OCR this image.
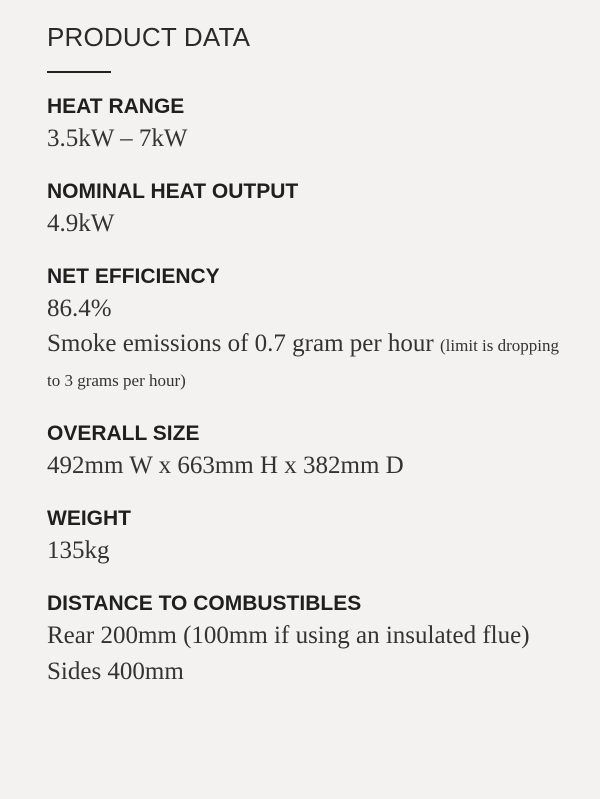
PRODUCT DATA
HEAT RANGE
3.5kW – 7kW
NOMINAL HEAT OUTPUT
4.9kW
NET EFFICIENCY
86.4%
Smoke emissions of 0.7 gram per hour (limit is dropping to 3 grams per hour)
OVERALL SIZE
492mm W x 663mm H x 382mm D
WEIGHT
135kg
DISTANCE TO COMBUSTIBLES
Rear 200mm (100mm if using an insulated flue)
Sides 400mm
